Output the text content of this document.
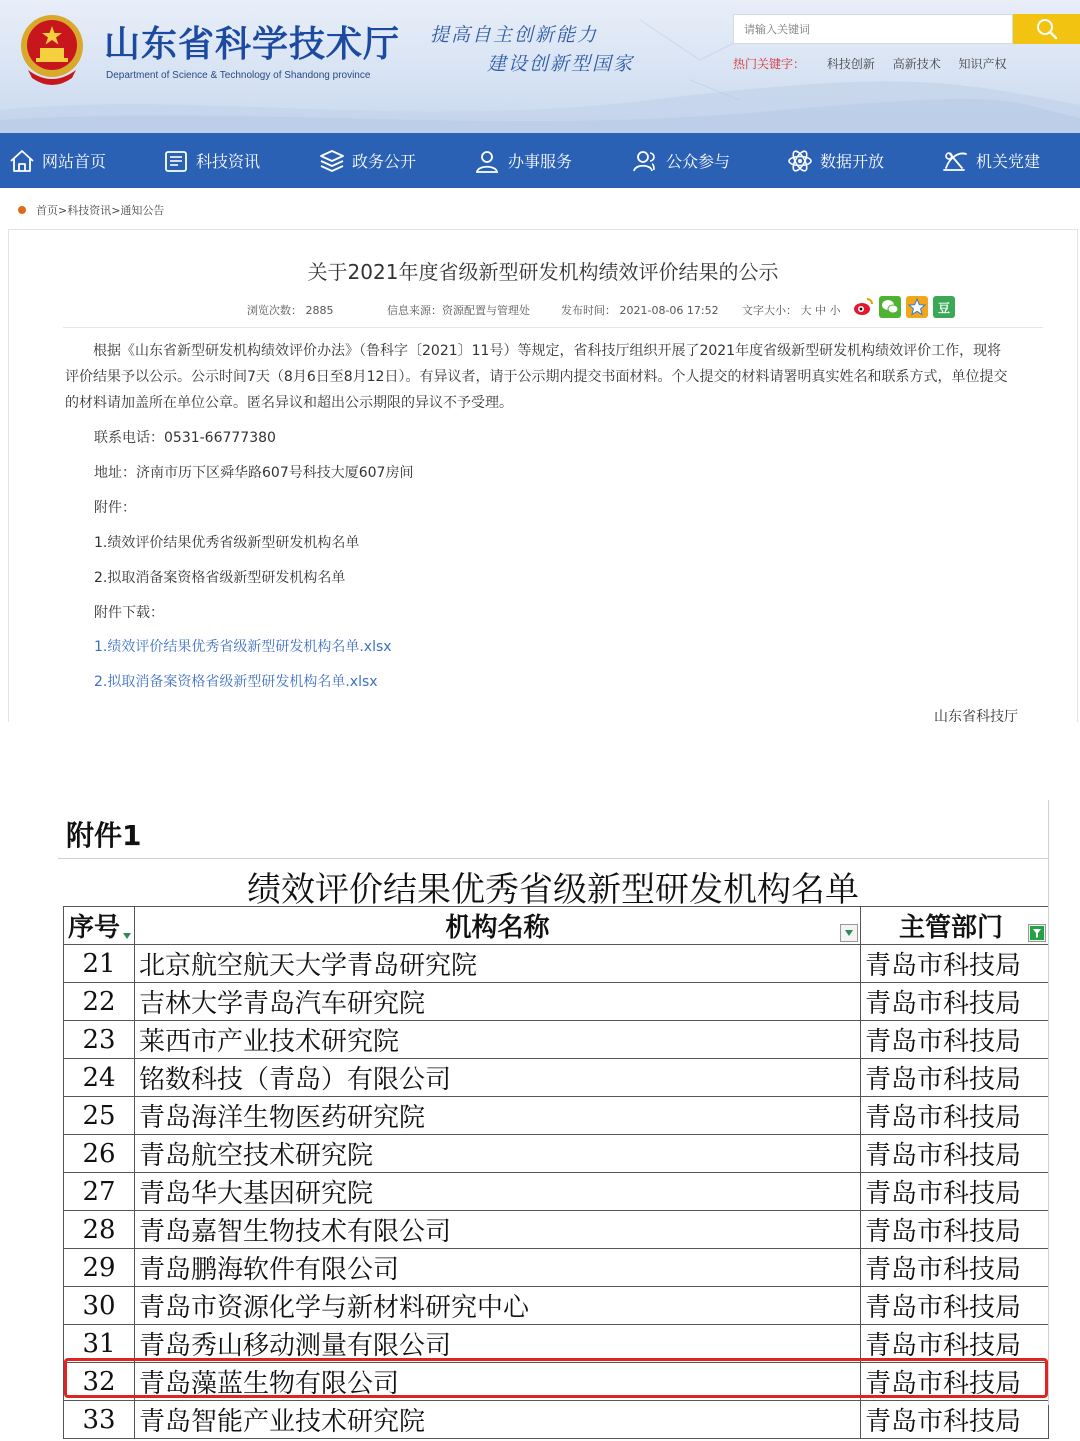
山东省科学技术厅
Department of Science & Technology of Shandong province
提高自主创新能力
建设创新型国家
请输入关键词	热门关键字： 科技创新 高新技术 知识产权
网站首页	科技资讯	政务公开	办事服务	公众参与	数据开放	机关党建
首页>科技资讯>通知公告
关于2021年度省级新型研发机构绩效评价结果的公示
浏览次数： 2885	信息来源：资源配置与管理处	发布时间： 2021-08-06 17:52 文字大小： 大 中 小	豆
根据《山东省新型研发机构绩效评价办法》（鲁科字〔2021〕11号）等规定，省科技厅组织开展了2021年度省级新型研发机构绩效评价工作，现将评价结果予以公示。公示时间7天（8月6日至8月12日）。有异议者，请于公示期内提交书面材料。个人提交的材料请署明真实姓名和联系方式，单位提交的材料请加盖所在单位公章。匿名异议和超出公示期限的异议不予受理。
联系电话：0531-66777380
地址：济南市历下区舜华路607号科技大厦607房间
附件：
1.绩效评价结果优秀省级新型研发机构名单
2.拟取消备案资格省级新型研发机构名单
附件下载：
1.绩效评价结果优秀省级新型研发机构名单.xlsx
2.拟取消备案资格省级新型研发机构名单.xlsx
山东省科技厅
附件1
绩效评价结果优秀省级新型研发机构名单
序号	机构名称	主管部门

21	北京航空航天大学青岛研究院	青岛市科技局
22	吉林大学青岛汽车研究院	青岛市科技局
23	莱西市产业技术研究院	青岛市科技局
24	铭数科技（青岛）有限公司	青岛市科技局
25	青岛海洋生物医药研究院	青岛市科技局
26	青岛航空技术研究院	青岛市科技局
27	青岛华大基因研究院	青岛市科技局
28	青岛嘉智生物技术有限公司	青岛市科技局
29	青岛鹏海软件有限公司	青岛市科技局
30	青岛市资源化学与新材料研究中心	青岛市科技局
31	青岛秀山移动测量有限公司	青岛市科技局
32	青岛藻蓝生物有限公司	青岛市科技局
33	青岛智能产业技术研究院	青岛市科技局
